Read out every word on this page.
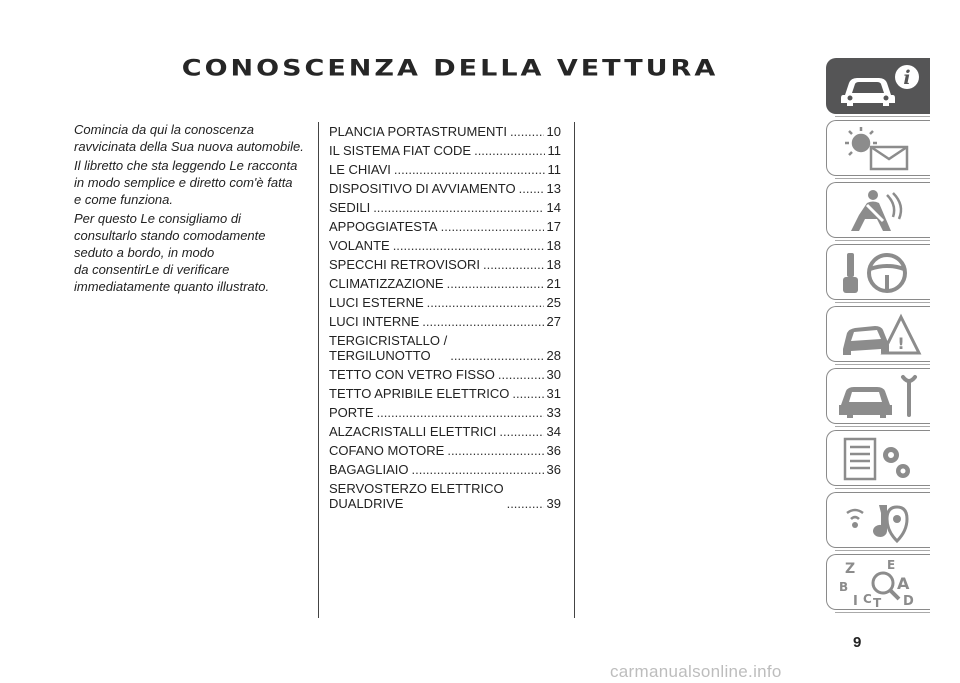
CONOSCENZA DELLA VETTURA

Comincia da qui la conoscenza

ravvicinata della Sua nuova automobile.

Il libretto che sta leggendo Le racconta

in modo semplice e diretto com'è fatta

e come funziona.

Per questo Le consigliamo di

consultarlo stando comodamente

seduto a bordo, in modo

da consentirLe di verificare

immediatamente quanto illustrato.

PLANCIA PORTASTRUMENTI .....	10
IL SISTEMA FIAT CODE .....	11
LE CHIAVI .....	11
DISPOSITIVO DI AVVIAMENTO ..... 13
SEDILI .....	14
APPOGGIATESTA .....	17
VOLANTE .....	18
SPECCHI RETROVISORI .....	18
CLIMATIZZAZIONE .....	21
LUCI ESTERNE .....	25
LUCI INTERNE .....	27
TERGICRISTALLO /
TERGILUNOTTO .....	28
TETTO CON VETRO FISSO .....	30
TETTO APRIBILE ELETTRICO .....	31
PORTE .....	33
ALZACRISTALLI ELETTRICI .....	34
COFANO MOTORE .....	36
BAGAGLIAIO .....	36
SERVOSTERZO ELETTRICO
DUALDRIVE .....	39
i
!
Z	E
B	A
I C T D
9
carmanualsonline.info
